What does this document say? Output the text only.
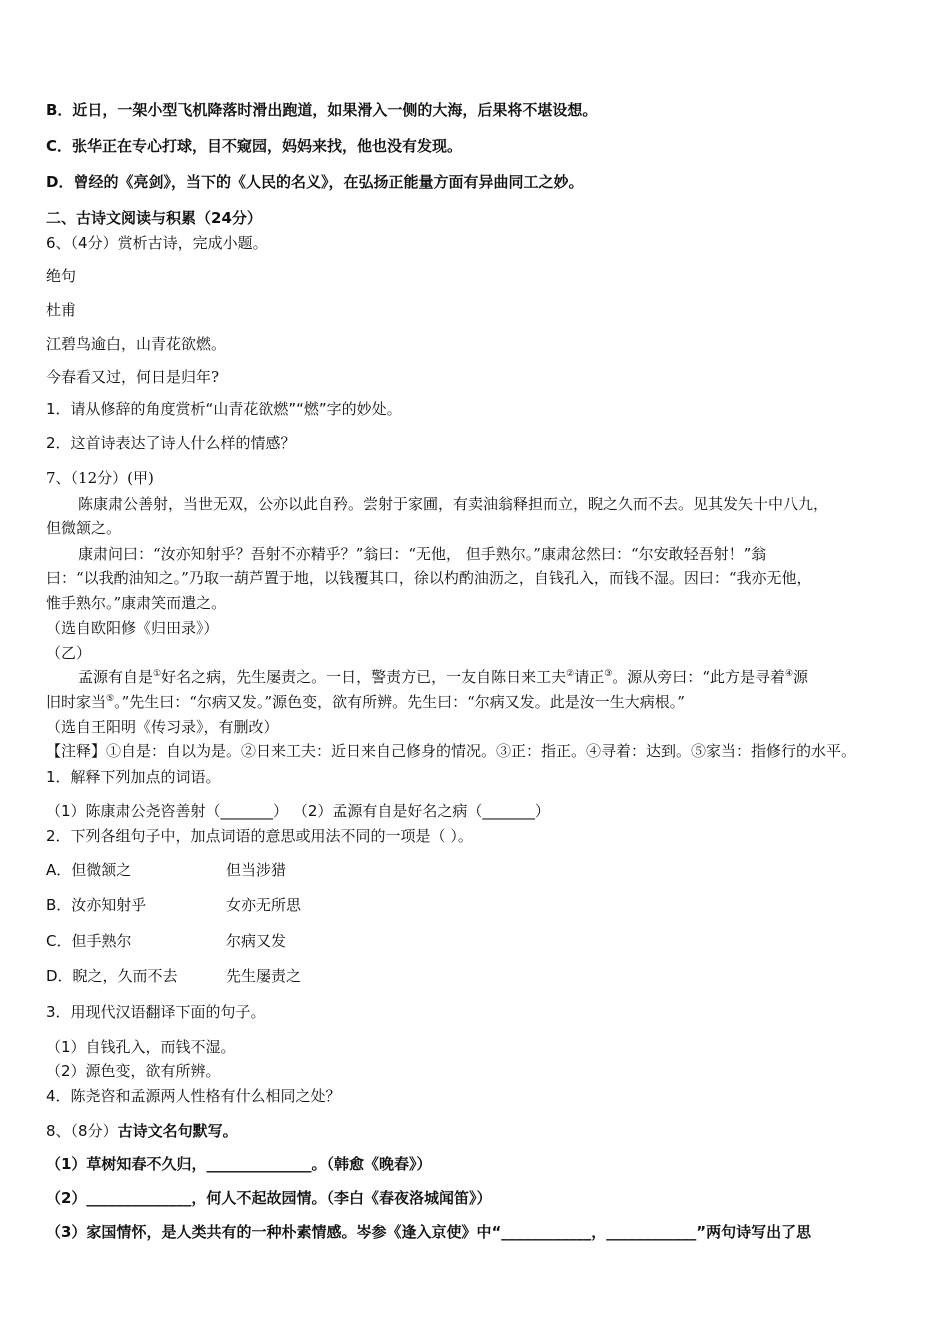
B．近日，一架小型飞机降落时滑出跑道，如果滑入一侧的大海，后果将不堪设想。
C．张华正在专心打球，目不窥园，妈妈来找，他也没有发现。
D．曾经的《亮剑》，当下的《人民的名义》，在弘扬正能量方面有异曲同工之妙。
二、古诗文阅读与积累（24分）
6、（4分）赏析古诗，完成小题。
绝句
杜甫
江碧鸟逾白，山青花欲燃。
今春看又过，何日是归年?
1．请从修辞的角度赏析“山青花欲燃”“燃”字的妙处。
2．这首诗表达了诗人什么样的情感？
7、（12分）(甲)
陈康肃公善射，当世无双，公亦以此自矜。尝射于家圃，有卖油翁释担而立，睨之久而不去。见其发矢十中八九，
但微颔之。
康肃问曰：“汝亦知射乎？吾射不亦精乎？”翁曰：“无他， 但手熟尔。”康肃忿然曰：“尔安敢轻吾射！”翁
曰：“以我酌油知之。”乃取一葫芦置于地，以钱覆其口，徐以杓酌油沥之，自钱孔入，而钱不湿。因曰：“我亦无他，
惟手熟尔。”康肃笑而遣之。
（选自欧阳修《归田录》）
（乙）
孟源有自是①好名之病，先生屡责之。一日，警责方已，一友自陈日来工夫②请正③。源从旁曰：“此方是寻着④源
旧时家当⑤。”先生曰：“尔病又发。”源色变，欲有所辨。先生曰：“尔病又发。此是汝一生大病根。”
（选自王阳明《传习录》，有删改）
【注释】①自是：自以为是。②日来工夫：近日来自己修身的情况。③正：指正。④寻着：达到。⑤家当：指修行的水平。
1．解释下列加点的词语。
（1）陈康肃公尧咨善射（_______） （2）孟源有自是好名之病（_______）
2．下列各组句子中，加点词语的意思或用法不同的一项是（ ）。
A．但微颔之	但当涉猎
B．汝亦知射乎	女亦无所思
C．但手熟尔	尔病又发
D．睨之，久而不去	先生屡责之
3．用现代汉语翻译下面的句子。
（1）自钱孔入，而钱不湿。
（2）源色变，欲有所辨。
4．陈尧咨和孟源两人性格有什么相同之处？
8、（8分）古诗文名句默写。
（1）草树知春不久归，______________。（韩愈《晚春》）
（2）______________，何人不起故园情。（李白《春夜洛城闻笛》）
（3）家国情怀，是人类共有的一种朴素情感。岑参《逢入京使》中“____________，____________”两句诗写出了思
